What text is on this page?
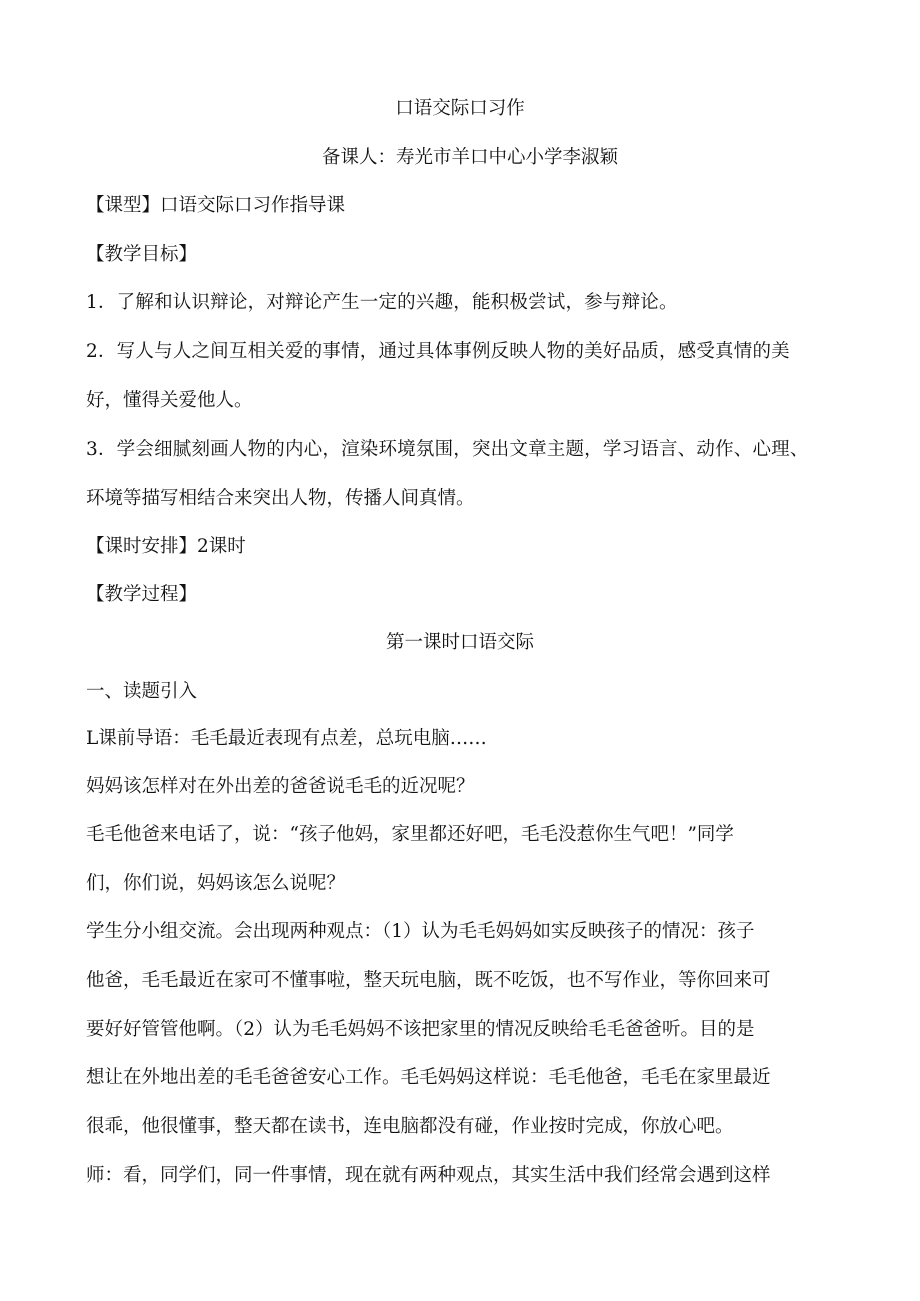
口语交际口习作
备课人：寿光市羊口中心小学李淑颖
【课型】口语交际口习作指导课
【教学目标】
1．了解和认识辩论，对辩论产生一定的兴趣，能积极尝试，参与辩论。
2．写人与人之间互相关爱的事情，通过具体事例反映人物的美好品质，感受真情的美
好，懂得关爱他人。
3．学会细腻刻画人物的内心，渲染环境氛围，突出文章主题，学习语言、动作、心理、
环境等描写相结合来突出人物，传播人间真情。
【课时安排】2课时
【教学过程】
第一课时口语交际
一、读题引入
L课前导语：毛毛最近表现有点差，总玩电脑……
妈妈该怎样对在外出差的爸爸说毛毛的近况呢？
毛毛他爸来电话了，说：“孩子他妈，家里都还好吧，毛毛没惹你生气吧！”同学
们，你们说，妈妈该怎么说呢？
学生分小组交流。会出现两种观点：（1）认为毛毛妈妈如实反映孩子的情况：孩子
他爸，毛毛最近在家可不懂事啦，整天玩电脑，既不吃饭，也不写作业，等你回来可
要好好管管他啊。（2）认为毛毛妈妈不该把家里的情况反映给毛毛爸爸听。目的是
想让在外地出差的毛毛爸爸安心工作。毛毛妈妈这样说：毛毛他爸，毛毛在家里最近
很乖，他很懂事，整天都在读书，连电脑都没有碰，作业按时完成，你放心吧。
师：看，同学们，同一件事情，现在就有两种观点，其实生活中我们经常会遇到这样
